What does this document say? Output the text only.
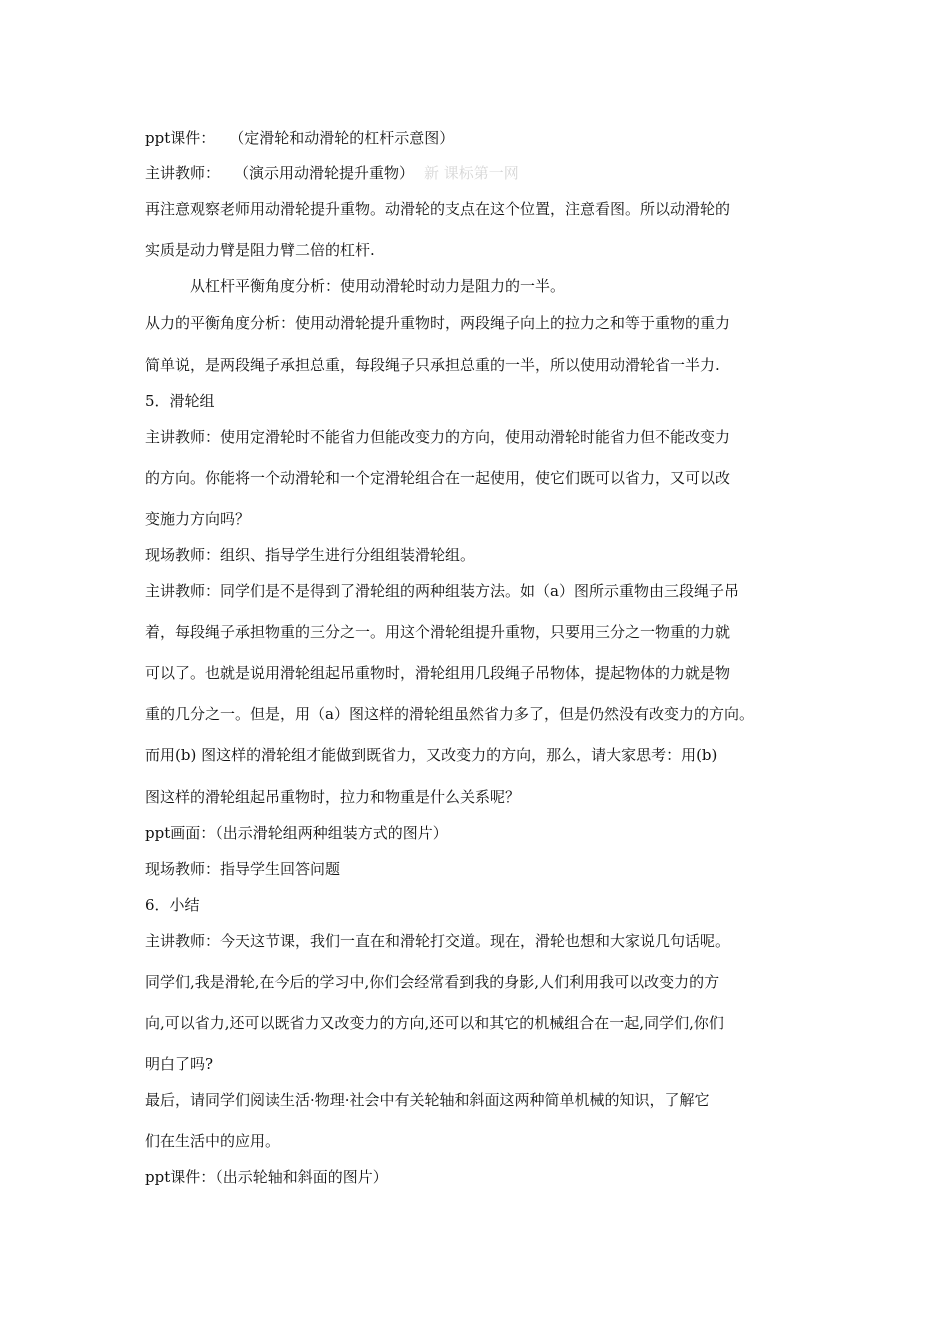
ppt课件： （定滑轮和动滑轮的杠杆示意图）
主讲教师： （演示用动滑轮提升重物） 新 课标第一网
再注意观察老师用动滑轮提升重物。动滑轮的支点在这个位置，注意看图。所以动滑轮的
实质是动力臂是阻力臂二倍的杠杆.
从杠杆平衡角度分析：使用动滑轮时动力是阻力的一半。
从力的平衡角度分析：使用动滑轮提升重物时，两段绳子向上的拉力之和等于重物的重力
简单说，是两段绳子承担总重，每段绳子只承担总重的一半，所以使用动滑轮省一半力.
5．滑轮组
主讲教师：使用定滑轮时不能省力但能改变力的方向，使用动滑轮时能省力但不能改变力
的方向。你能将一个动滑轮和一个定滑轮组合在一起使用，使它们既可以省力，又可以改
变施力方向吗？
现场教师：组织、指导学生进行分组组装滑轮组。
主讲教师：同学们是不是得到了滑轮组的两种组装方法。如（a）图所示重物由三段绳子吊
着，每段绳子承担物重的三分之一。用这个滑轮组提升重物，只要用三分之一物重的力就
可以了。也就是说用滑轮组起吊重物时，滑轮组用几段绳子吊物体，提起物体的力就是物
重的几分之一。但是，用（a）图这样的滑轮组虽然省力多了，但是仍然没有改变力的方向。
而用(b) 图这样的滑轮组才能做到既省力，又改变力的方向，那么，请大家思考：用(b)
图这样的滑轮组起吊重物时，拉力和物重是什么关系呢？
ppt画面：（出示滑轮组两种组装方式的图片）
现场教师：指导学生回答问题
6．小结
主讲教师：今天这节课，我们一直在和滑轮打交道。现在，滑轮也想和大家说几句话呢。
同学们,我是滑轮,在今后的学习中,你们会经常看到我的身影,人们利用我可以改变力的方
向,可以省力,还可以既省力又改变力的方向,还可以和其它的机械组合在一起,同学们,你们
明白了吗?
最后，请同学们阅读生活·物理·社会中有关轮轴和斜面这两种简单机械的知识，了解它
们在生活中的应用。
ppt课件：（出示轮轴和斜面的图片）
